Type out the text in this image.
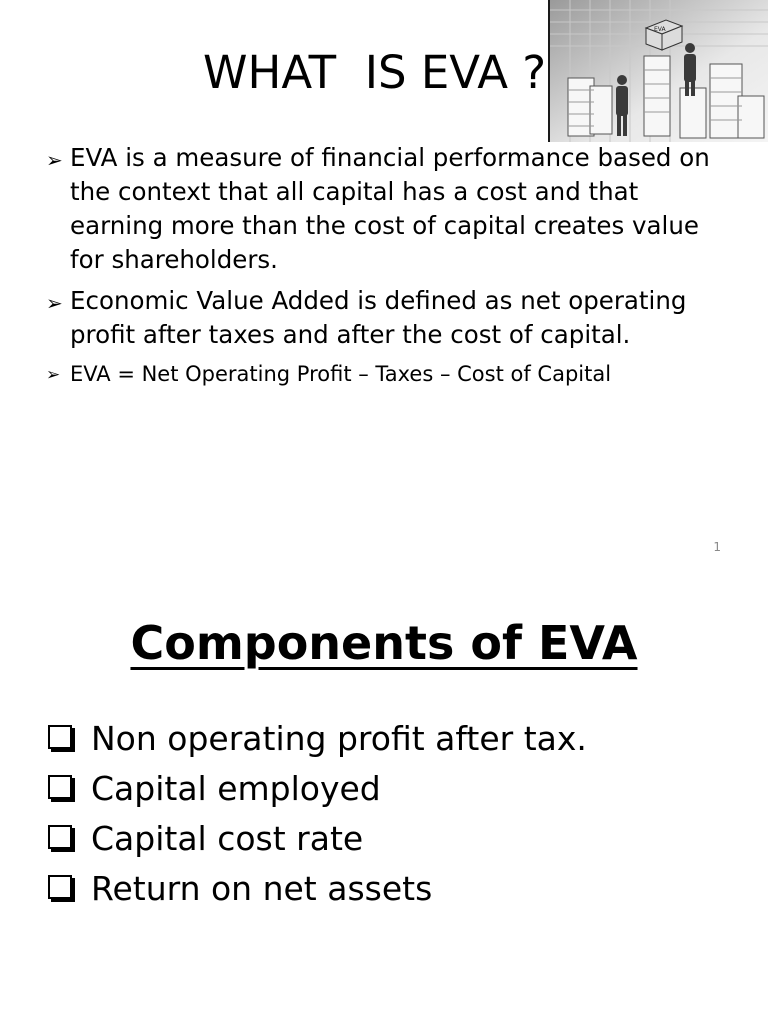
WHAT  IS EVA ?
EVA
➢ EVA is a measure of financial performance based on the context that all capital has a cost and that earning more than the cost of capital creates value for shareholders.
➢ Economic Value Added is defined as net operating profit after taxes and after the cost of capital.
➢ EVA = Net Operating Profit – Taxes – Cost of Capital
1
Components of EVA
Non operating profit after tax.
Capital employed
Capital cost rate
Return on net assets
